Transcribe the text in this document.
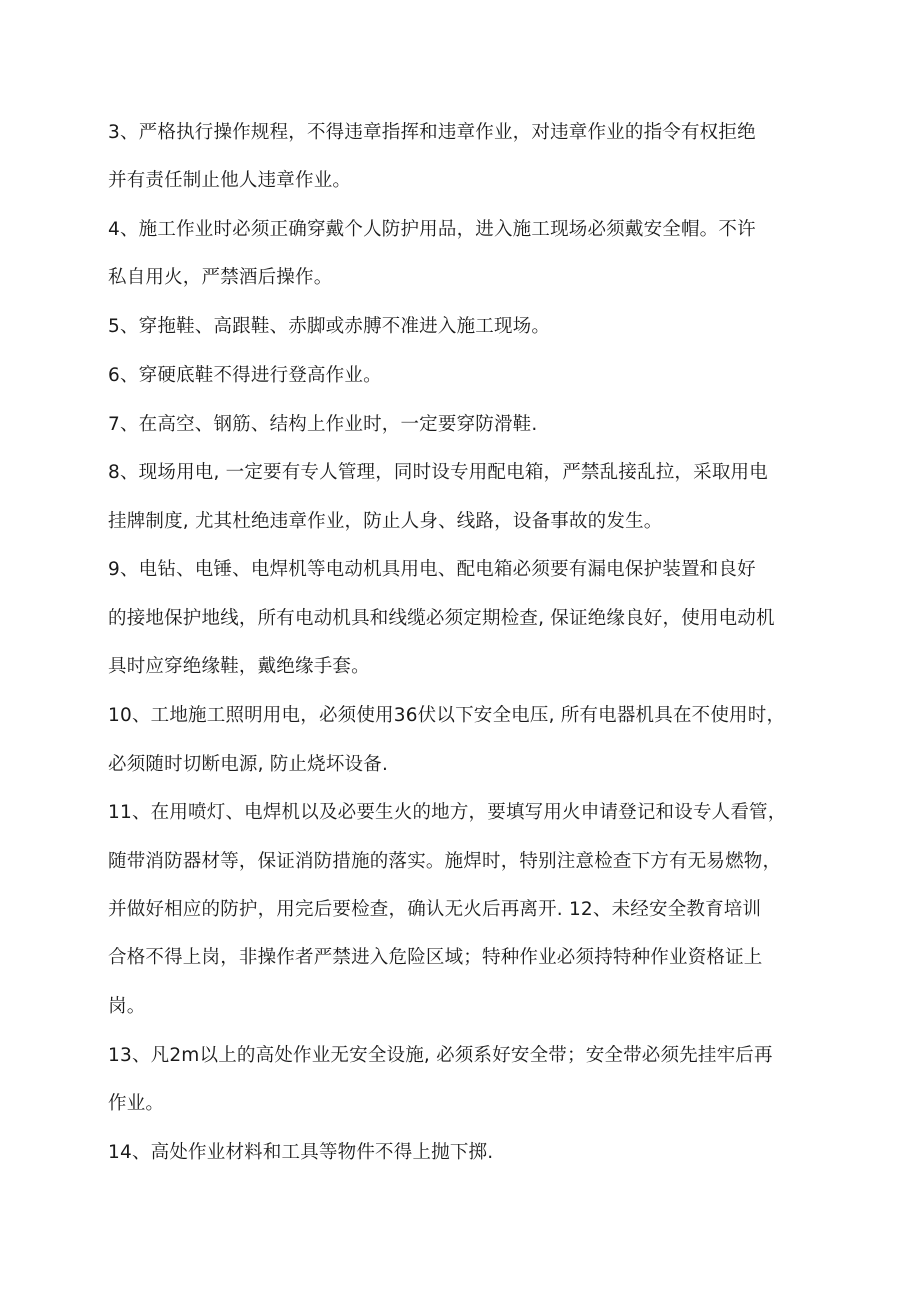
3、严格执行操作规程，不得违章指挥和违章作业，对违章作业的指令有权拒绝
并有责任制止他人违章作业。
4、施工作业时必须正确穿戴个人防护用品，进入施工现场必须戴安全帽。不许
私自用火，严禁酒后操作。
5、穿拖鞋、高跟鞋、赤脚或赤膊不准进入施工现场。
6、穿硬底鞋不得进行登高作业。
7、在高空、钢筋、结构上作业时，一定要穿防滑鞋.
8、现场用电, 一定要有专人管理，同时设专用配电箱，严禁乱接乱拉，采取用电
挂牌制度, 尤其杜绝违章作业，防止人身、线路，设备事故的发生。
9、电钻、电锤、电焊机等电动机具用电、配电箱必须要有漏电保护装置和良好
的接地保护地线，所有电动机具和线缆必须定期检查, 保证绝缘良好，使用电动机
具时应穿绝缘鞋，戴绝缘手套。
10、工地施工照明用电，必须使用36伏以下安全电压, 所有电器机具在不使用时，
必须随时切断电源, 防止烧坏设备.
11、在用喷灯、电焊机以及必要生火的地方，要填写用火申请登记和设专人看管，
随带消防器材等，保证消防措施的落实。施焊时，特别注意检查下方有无易燃物，
并做好相应的防护，用完后要检查，确认无火后再离开. 12、未经安全教育培训
合格不得上岗，非操作者严禁进入危险区域；特种作业必须持特种作业资格证上
岗。
13、凡2m以上的高处作业无安全设施, 必须系好安全带；安全带必须先挂牢后再
作业。
14、高处作业材料和工具等物件不得上抛下掷.
